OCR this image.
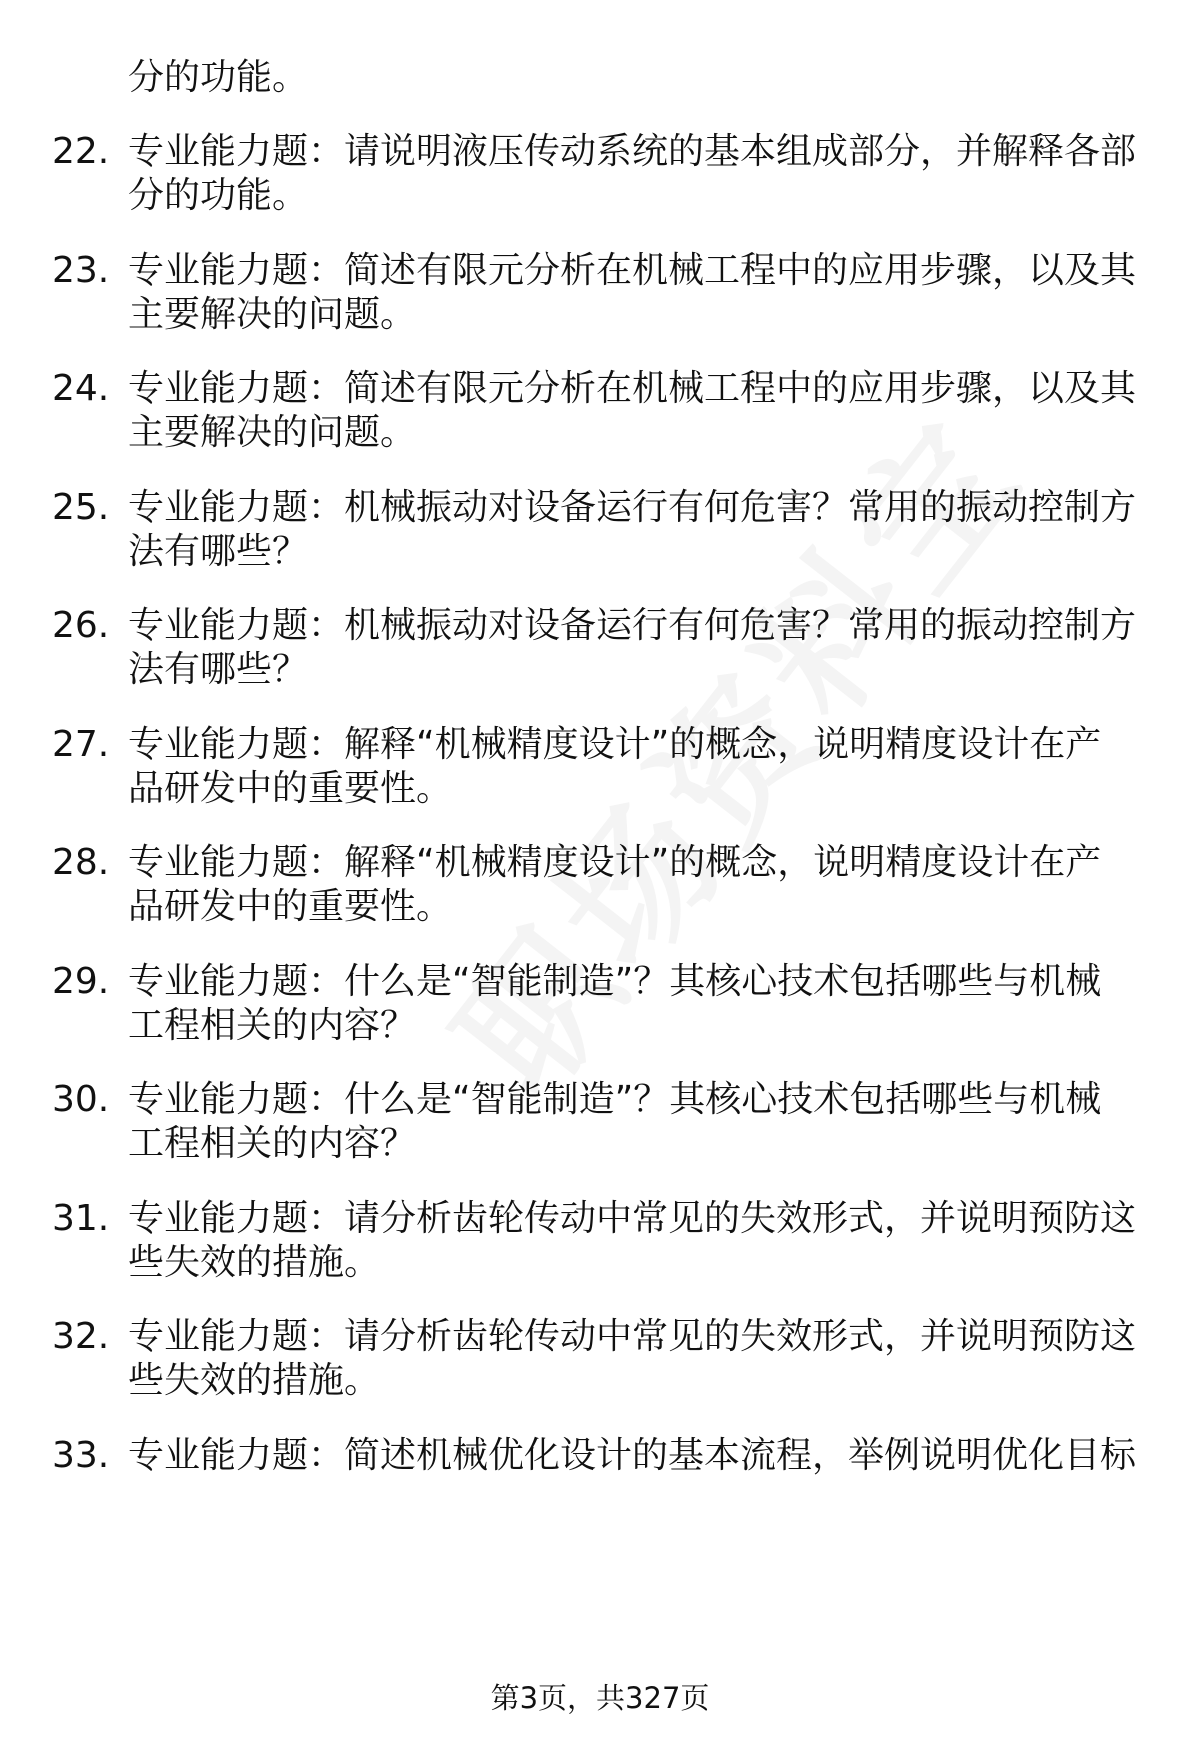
分的功能。
22. 专业能力题：请说明液压传动系统的基本组成部分，并解释各部
分的功能。
23. 专业能力题：简述有限元分析在机械工程中的应用步骤，以及其
主要解决的问题。
24. 专业能力题：简述有限元分析在机械工程中的应用步骤，以及其
主要解决的问题。
25. 专业能力题：机械振动对设备运行有何危害？常用的振动控制方
法有哪些？
26. 专业能力题：机械振动对设备运行有何危害？常用的振动控制方
法有哪些？
27. 专业能力题：解释“机械精度设计”的概念，说明精度设计在产
品研发中的重要性。
28. 专业能力题：解释“机械精度设计”的概念，说明精度设计在产
品研发中的重要性。
29. 专业能力题：什么是“智能制造”？其核心技术包括哪些与机械
工程相关的内容？
30. 专业能力题：什么是“智能制造”？其核心技术包括哪些与机械
工程相关的内容？
31. 专业能力题：请分析齿轮传动中常见的失效形式，并说明预防这
些失效的措施。
32. 专业能力题：请分析齿轮传动中常见的失效形式，并说明预防这
些失效的措施。
33. 专业能力题：简述机械优化设计的基本流程，举例说明优化目标
第3页，共327页
